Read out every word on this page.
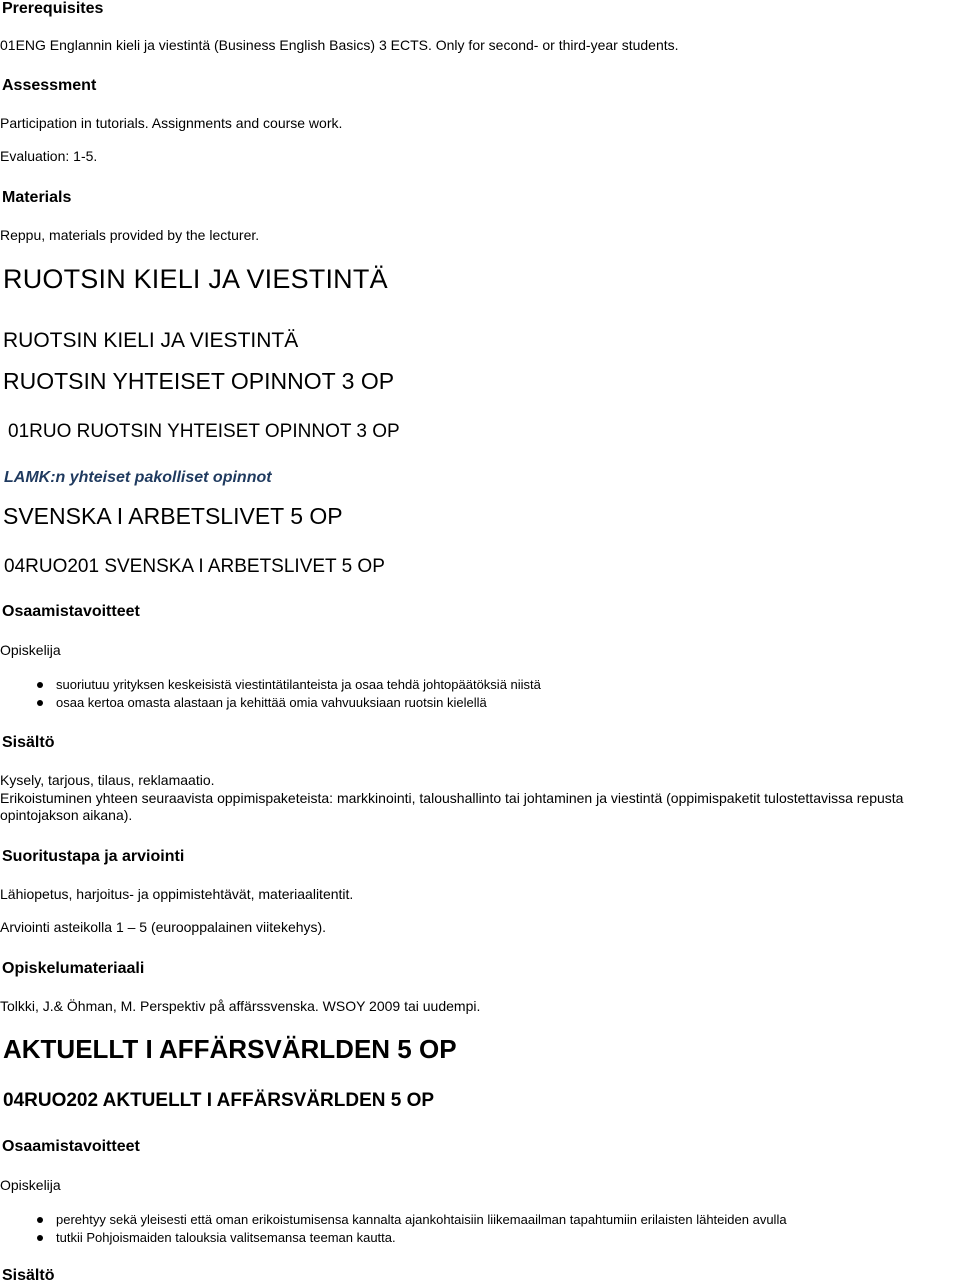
Prerequisites

01ENG Englannin kieli ja viestintä (Business English Basics) 3 ECTS. Only for second- or third-year students.

Assessment

Participation in tutorials. Assignments and course work.

Evaluation: 1-5.

Materials

Reppu, materials provided by the lecturer.

RUOTSIN KIELI JA VIESTINTÄ

RUOTSIN KIELI JA VIESTINTÄ

RUOTSIN YHTEISET OPINNOT 3 OP

01RUO RUOTSIN YHTEISET OPINNOT 3 OP

LAMK:n yhteiset pakolliset opinnot

SVENSKA I ARBETSLIVET 5 OP

04RUO201 SVENSKA I ARBETSLIVET 5 OP

Osaamistavoitteet

Opiskelija

suoriutuu yrityksen keskeisistä viestintätilanteista ja osaa tehdä johtopäätöksiä niistä
osaa kertoa omasta alastaan ja kehittää omia vahvuuksiaan ruotsin kielellä

Sisältö

Kysely, tarjous, tilaus, reklamaatio.

Erikoistuminen yhteen seuraavista oppimispaketeista: markkinointi, taloushallinto tai johtaminen ja viestintä (oppimispaketit tulostettavissa repusta

opintojakson aikana).

Suoritustapa ja arviointi

Lähiopetus, harjoitus- ja oppimistehtävät, materiaalitentit.

Arviointi asteikolla 1 – 5 (eurooppalainen viitekehys).

Opiskelumateriaali

Tolkki, J.& Öhman, M. Perspektiv på affärssvenska. WSOY 2009 tai uudempi.

AKTUELLT I AFFÄRSVÄRLDEN 5 OP

04RUO202 AKTUELLT I AFFÄRSVÄRLDEN 5 OP

Osaamistavoitteet

Opiskelija

perehtyy sekä yleisesti että oman erikoistumisensa kannalta ajankohtaisiin liikemaailman tapahtumiin erilaisten lähteiden avulla
tutkii Pohjoismaiden talouksia valitsemansa teeman kautta.

Sisältö
